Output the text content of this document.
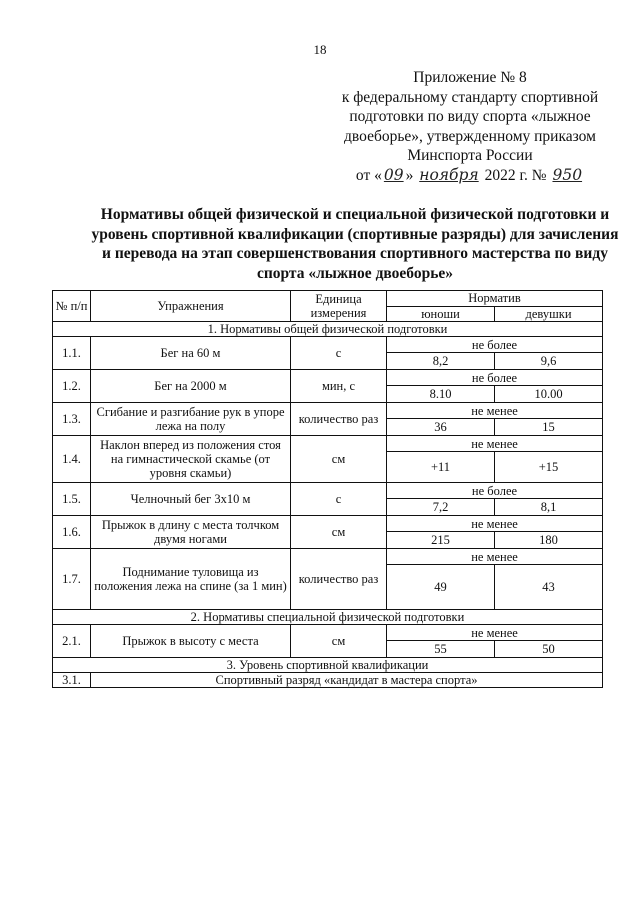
18
Приложение № 8
к федеральному стандарту спортивной
подготовки по виду спорта «лыжное
двоеборье», утвержденному приказом
Минспорта России
от « 09 » ноября 2022 г. № 950
Нормативы общей физической и специальной физической подготовки и
уровень спортивной квалификации (спортивные разряды) для зачисления
и перевода на этап совершенствования спортивного мастерства по виду
спорта «лыжное двоеборье»
№ п/п	Упражнения	Единица измерения	Норматив	
			юноши	девушки
1. Нормативы общей физической подготовки				
1.1.	Бег на 60 м	с	не более	
			8,2	9,6
1.2.	Бег на 2000 м	мин, с	не более	
			8.10	10.00
1.3.	Сгибание и разгибание рук в упоре лежа на полу	количество раз	не менее	
			36	15
1.4.	Наклон вперед из положения стоя на гимнастической скамье (от уровня скамьи)	см	не менее	
			+11	+15
1.5.	Челночный бег 3х10 м	с	не более	
			7,2	8,1
1.6.	Прыжок в длину с места толчком двумя ногами	см	не менее	
			215	180
1.7.	Поднимание туловища из положения лежа на спине (за 1 мин)	количество раз	не менее	
			49	43
2. Нормативы специальной физической подготовки				
2.1.	Прыжок в высоту с места	см	не менее	
			55	50
3. Уровень спортивной квалификации				
3.1.	Спортивный разряд «кандидат в мастера спорта»			
